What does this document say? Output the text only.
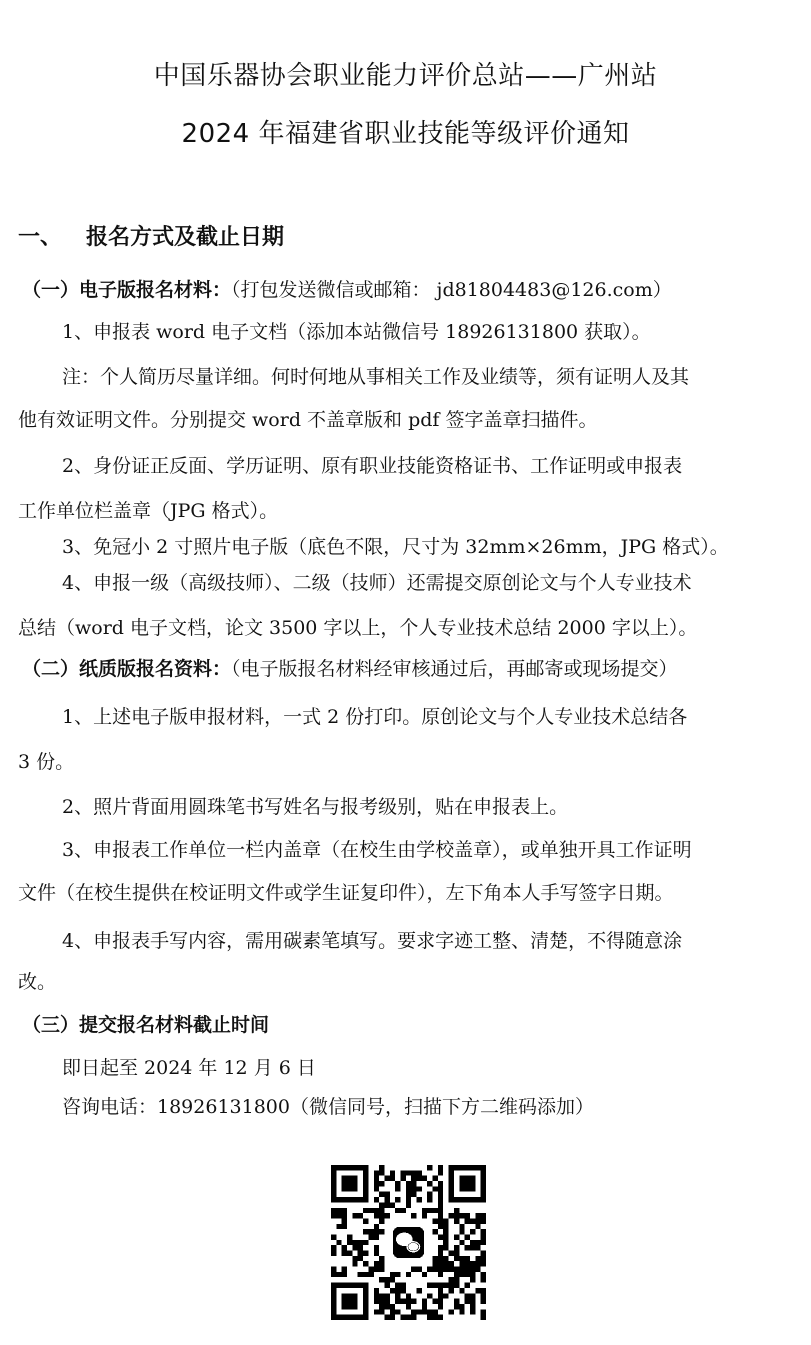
中国乐器协会职业能力评价总站——广州站
2024 年福建省职业技能等级评价通知
一、 报名方式及截止日期
（一）电子版报名材料：（打包发送微信或邮箱： jd81804483@126.com）
1、申报表 word 电子文档（添加本站微信号 18926131800 获取）。
注：个人简历尽量详细。何时何地从事相关工作及业绩等，须有证明人及其
他有效证明文件。分别提交 word 不盖章版和 pdf 签字盖章扫描件。
2、身份证正反面、学历证明、原有职业技能资格证书、工作证明或申报表
工作单位栏盖章（JPG 格式）。
3、免冠小 2 寸照片电子版（底色不限，尺寸为 32mm×26mm，JPG 格式）。
4、申报一级（高级技师）、二级（技师）还需提交原创论文与个人专业技术
总结（word 电子文档，论文 3500 字以上，个人专业技术总结 2000 字以上）。
（二）纸质版报名资料：（电子版报名材料经审核通过后，再邮寄或现场提交）
1、上述电子版申报材料，一式 2 份打印。原创论文与个人专业技术总结各
3 份。
2、照片背面用圆珠笔书写姓名与报考级别，贴在申报表上。
3、申报表工作单位一栏内盖章（在校生由学校盖章），或单独开具工作证明
文件（在校生提供在校证明文件或学生证复印件），左下角本人手写签字日期。
4、申报表手写内容，需用碳素笔填写。要求字迹工整、清楚，不得随意涂
改。
（三）提交报名材料截止时间
即日起至 2024 年 12 月 6 日
咨询电话：18926131800（微信同号，扫描下方二维码添加）
